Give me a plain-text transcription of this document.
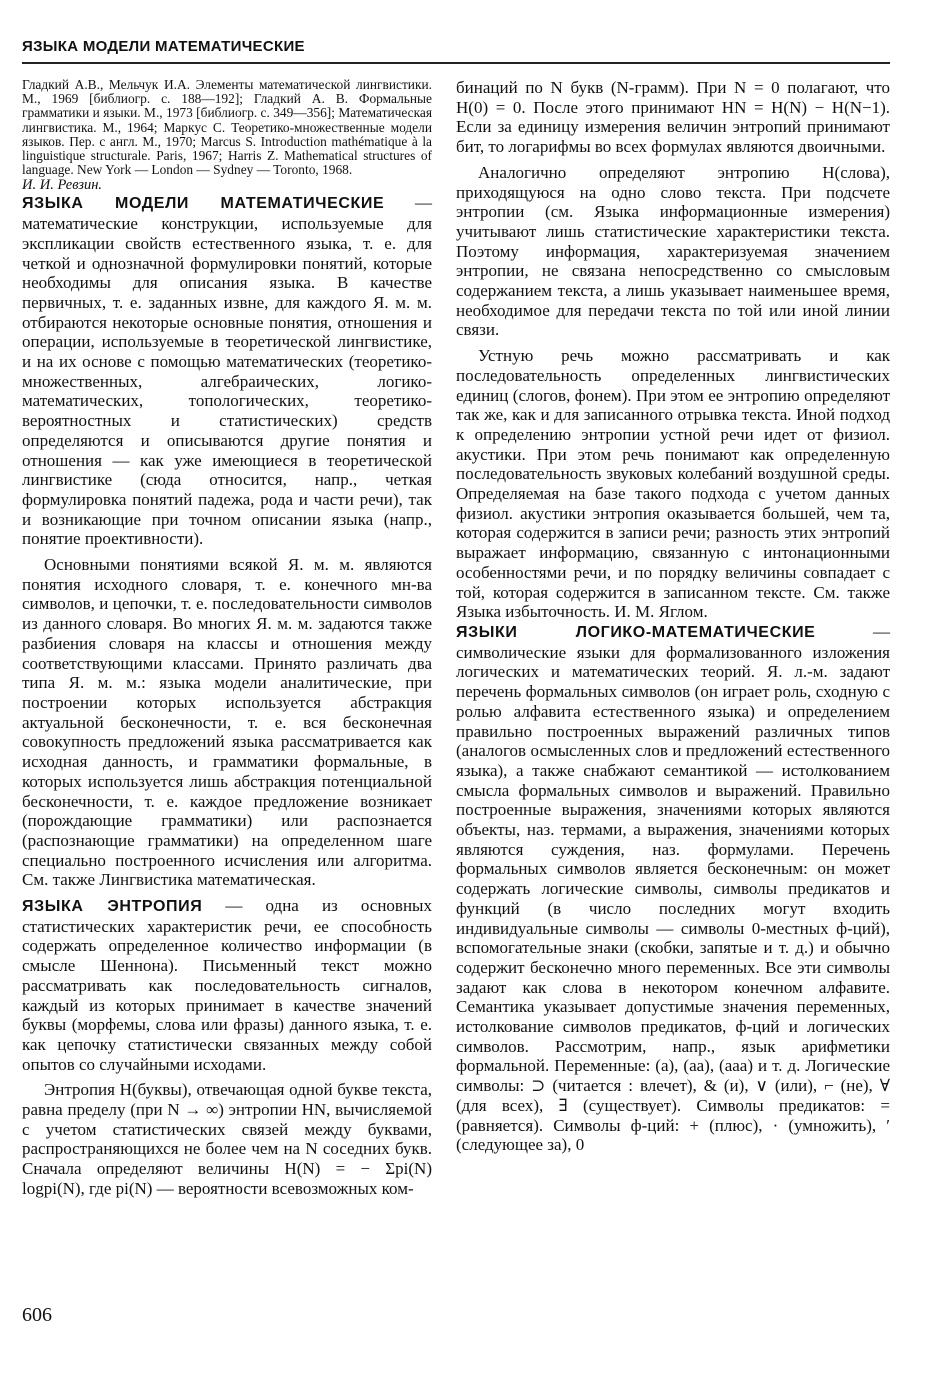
ЯЗЫКА МОДЕЛИ МАТЕМАТИЧЕСКИЕ

Гладкий А.В., Мельчук И.А. Элементы математической лингвистики. М., 1969 [библиогр. с. 188—192]; Гладкий А. В. Формальные грамматики и языки. М., 1973 [библиогр. с. 349—356]; Математическая лингвистика. М., 1964; Маркус С. Теоретико-множественные модели языков. Пер. с англ. М., 1970; Marcus S. Introduction mathématique à la linguistique structurale. Paris, 1967; Harris Z. Mathematical structures of language. New York — London — Sydney — Toronto, 1968.

И. И. Ревзин.

ЯЗЫКА МОДЕЛИ МАТЕМАТИЧЕСКИЕ — математические конструкции, используемые для экспликации свойств естественного языка, т. е. для четкой и однозначной формулировки понятий, которые необходимы для описания языка. В качестве первичных, т. е. заданных извне, для каждого Я. м. м. отбираются некоторые основные понятия, отношения и операции, используемые в теоретической лингвистике, и на их основе с помощью математических (теоретико-множественных, алгебраических, логико-математических, топологических, теоретико-вероятностных и статистических) средств определяются и описываются другие понятия и отношения — как уже имеющиеся в теоретической лингвистике (сюда относится, напр., четкая формулировка понятий падежа, рода и части речи), так и возникающие при точном описании языка (напр., понятие проективности).

Основными понятиями всякой Я. м. м. являются понятия исходного словаря, т. е. конечного мн-ва символов, и цепочки, т. е. последовательности символов из данного словаря. Во многих Я. м. м. задаются также разбиения словаря на классы и отношения между соответствующими классами. Принято различать два типа Я. м. м.: языка модели аналитические, при построении которых используется абстракция актуальной бесконечности, т. е. вся бесконечная совокупность предложений языка рассматривается как исходная данность, и грамматики формальные, в которых используется лишь абстракция потенциальной бесконечности, т. е. каждое предложение возникает (порождающие грамматики) или распознается (распознающие грамматики) на определенном шаге специально построенного исчисления или алгоритма. См. также Лингвистика математическая.

ЯЗЫКА ЭНТРОПИЯ — одна из основных статистических характеристик речи, ее способность содержать определенное количество информации (в смысле Шеннона). Письменный текст можно рассматривать как последовательность сигналов, каждый из которых принимает в качестве значений буквы (морфемы, слова или фразы) данного языка, т. е. как цепочку статистически связанных между собой опытов со случайными исходами.

Энтропия H(буквы), отвечающая одной букве текста, равна пределу (при N → ∞) энтропии HN, вычисляемой с учетом статистических связей между буквами, распространяющихся не более чем на N соседних букв. Сначала определяют величины H(N) = − Σpi(N) logpi(N), где pi(N) — вероятности всевозможных ком-

бинаций по N букв (N-грамм). При N = 0 полагают, что H(0) = 0. После этого принимают HN = H(N) − H(N−1). Если за единицу измерения величин энтропий принимают бит, то логарифмы во всех формулах являются двоичными.

Аналогично определяют энтропию H(слова), приходящуюся на одно слово текста. При подсчете энтропии (см. Языка информационные измерения) учитывают лишь статистические характеристики текста. Поэтому информация, характеризуемая значением энтропии, не связана непосредственно со смысловым содержанием текста, а лишь указывает наименьшее время, необходимое для передачи текста по той или иной линии связи.

Устную речь можно рассматривать и как последовательность определенных лингвистических единиц (слогов, фонем). При этом ее энтропию определяют так же, как и для записанного отрывка текста. Иной подход к определению энтропии устной речи идет от физиол. акустики. При этом речь понимают как определенную последовательность звуковых колебаний воздушной среды. Определяемая на базе такого подхода с учетом данных физиол. акустики энтропия оказывается большей, чем та, которая содержится в записи речи; разность этих энтропий выражает информацию, связанную с интонационными особенностями речи, и по порядку величины совпадает с той, которая содержится в записанном тексте. См. также Языка избыточность. И. М. Яглом.

ЯЗЫКИ ЛОГИКО-МАТЕМАТИЧЕСКИЕ — символические языки для формализованного изложения логических и математических теорий. Я. л.-м. задают перечень формальных символов (он играет роль, сходную с ролью алфавита естественного языка) и определением правильно построенных выражений различных типов (аналогов осмысленных слов и предложений естественного языка), а также снабжают семантикой — истолкованием смысла формальных символов и выражений. Правильно построенные выражения, значениями которых являются объекты, наз. термами, а выражения, значениями которых являются суждения, наз. формулами. Перечень формальных символов является бесконечным: он может содержать логические символы, символы предикатов и функций (в число последних могут входить индивидуальные символы — символы 0-местных ф-ций), вспомогательные знаки (скобки, запятые и т. д.) и обычно содержит бесконечно много переменных. Все эти символы задают как слова в некотором конечном алфавите. Семантика указывает допустимые значения переменных, истолкование символов предикатов, ф-ций и логических символов. Рассмотрим, напр., язык арифметики формальной. Переменные: (a), (aa), (aaa) и т. д. Логические символы: ⊃ (читается : влечет), & (и), ∨ (или), ⌐ (не), ∀ (для всех), ∃ (существует). Символы предикатов: = (равняется). Символы ф-ций: + (плюс), · (умножить), ′ (следующее за), 0

606
